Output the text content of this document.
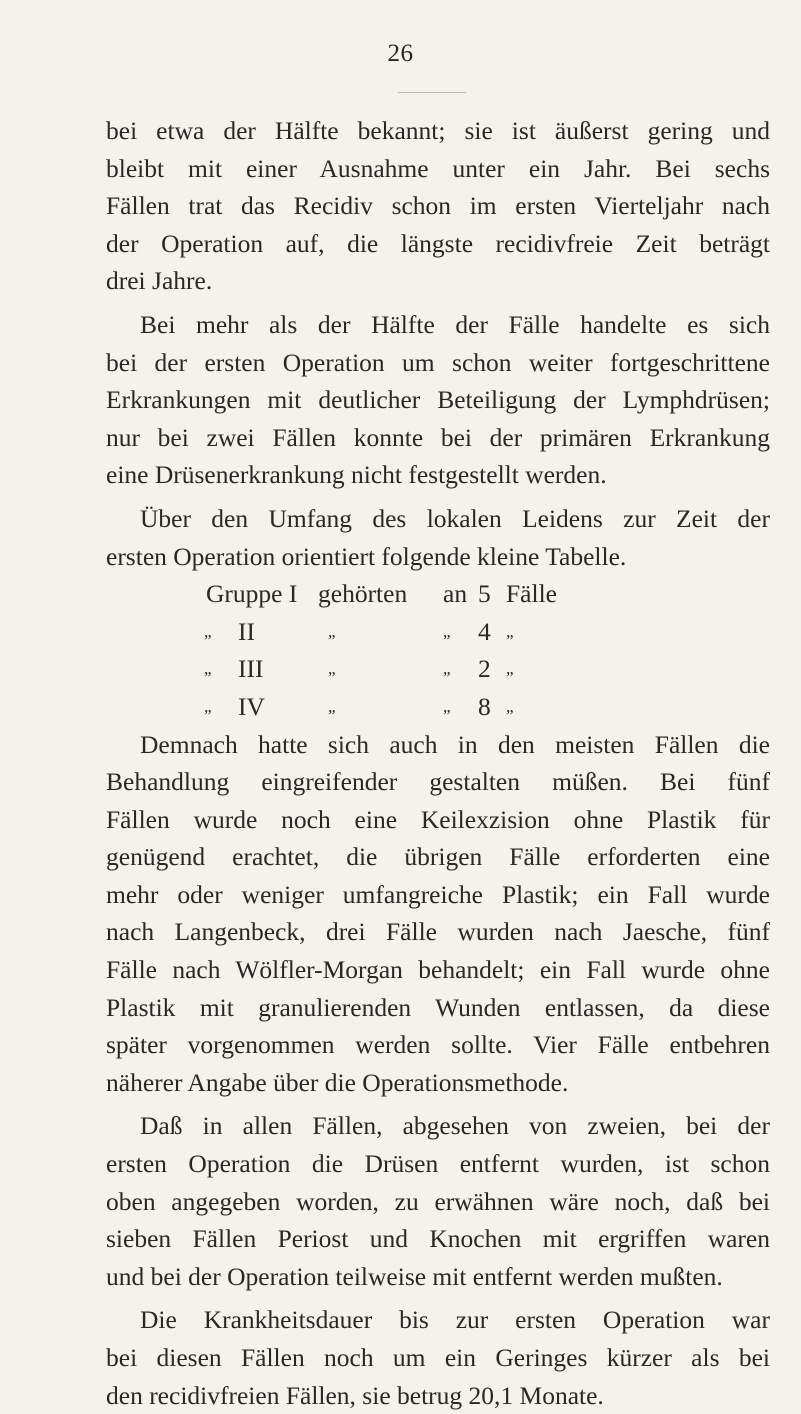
26
bei etwa der Hälfte bekannt; sie ist äußerst gering und
bleibt mit einer Ausnahme unter ein Jahr. Bei sechs
Fällen trat das Recidiv schon im ersten Vierteljahr nach
der Operation auf, die längste recidivfreie Zeit beträgt
drei Jahre.
Bei mehr als der Hälfte der Fälle handelte es sich
bei der ersten Operation um schon weiter fortgeschrittene
Erkrankungen mit deutlicher Beteiligung der Lymphdrüsen;
nur bei zwei Fällen konnte bei der primären Erkrankung
eine Drüsenerkrankung nicht festgestellt werden.
Über den Umfang des lokalen Leidens zur Zeit der
ersten Operation orientiert folgende kleine Tabelle.
Gruppe I		gehörten	an	5	Fälle
„	II	„	„	4	„
„	III	„	„	2	„
„	IV	„	„	8	„
Demnach hatte sich auch in den meisten Fällen die
Behandlung eingreifender gestalten müßen. Bei fünf
Fällen wurde noch eine Keilexzision ohne Plastik für
genügend erachtet, die übrigen Fälle erforderten eine
mehr oder weniger umfangreiche Plastik; ein Fall wurde
nach Langenbeck, drei Fälle wurden nach Jaesche, fünf
Fälle nach Wölfler-Morgan behandelt; ein Fall wurde ohne
Plastik mit granulierenden Wunden entlassen, da diese
später vorgenommen werden sollte. Vier Fälle entbehren
näherer Angabe über die Operationsmethode.
Daß in allen Fällen, abgesehen von zweien, bei der
ersten Operation die Drüsen entfernt wurden, ist schon
oben angegeben worden, zu erwähnen wäre noch, daß bei
sieben Fällen Periost und Knochen mit ergriffen waren
und bei der Operation teilweise mit entfernt werden mußten.
Die Krankheitsdauer bis zur ersten Operation war
bei diesen Fällen noch um ein Geringes kürzer als bei
den recidivfreien Fällen, sie betrug 20,1 Monate.
